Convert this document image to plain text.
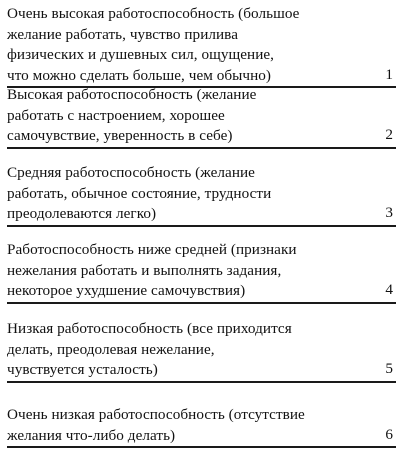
Очень высокая работоспособность (большое
желание работать, чувство прилива
физических и душевных сил, ощущение,
что можно сделать больше, чем обычно)	1
Высокая работоспособность (желание
работать с настроением, хорошее
самочувствие, уверенность в себе)	2
Средняя работоспособность (желание
работать, обычное состояние, трудности
преодолеваются легко)	3
Работоспособность ниже средней (признаки
нежелания работать и выполнять задания,
некоторое ухудшение самочувствия)	4
Низкая работоспособность (все приходится
делать, преодолевая нежелание,
чувствуется усталость)	5
Очень низкая работоспособность (отсутствие
желания что-либо делать)	6
